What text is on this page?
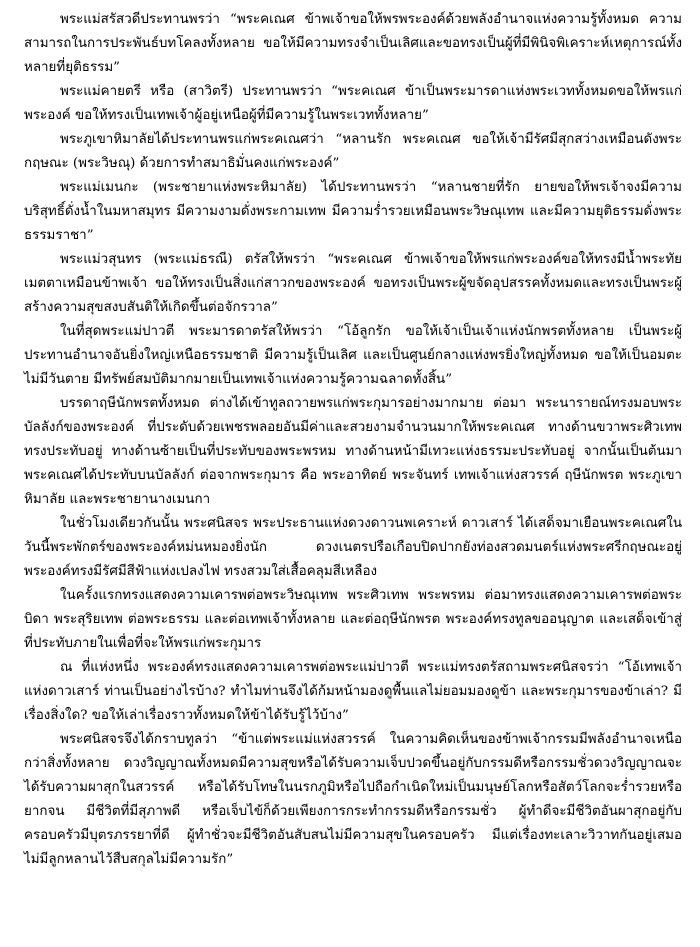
พระแม่สรัสวดีประทานพรว่า “พระคเณศ ข้าพเจ้าขอให้พรพระองค์ด้วยพลังอำนาจแห่งความรู้ทั้งหมด ความสามารถในการประพันธ์บทโคลงทั้งหลาย ขอให้มีความทรงจำเป็นเลิศและขอทรงเป็นผู้ที่มีพินิจพิเคราะห์เหตุการณ์ทั้งหลายที่ยุติธรรม”

พระแม่คายตรี หรือ (สาวิตรี) ประทานพรว่า “พระคเณศ ข้าเป็นพระมารดาแห่งพระเวททั้งหมดขอให้พรแก่พระองค์ ขอให้ทรงเป็นเทพเจ้าผู้อยู่เหนือผู้ที่มีความรู้ในพระเวททั้งหลาย”

พระภูเขาหิมาลัยได้ประทานพรแก่พระคเณศว่า “หลานรัก พระคเณศ ขอให้เจ้ามีรัศมีสุกสว่างเหมือนดังพระกฤษณะ (พระวิษณุ) ด้วยการทำสมาธิมั่นคงแก่พระองค์”

พระแม่เมนกะ (พระชายาแห่งพระหิมาลัย) ได้ประทานพรว่า “หลานชายที่รัก ยายขอให้พรเจ้าจงมีความบริสุทธิ์ดั่งน้ำในมหาสมุทร มีความงามดั่งพระกามเทพ มีความร่ำรวยเหมือนพระวิษณุเทพ และมีความยุติธรรมดั่งพระธรรมราชา”

พระแม่วสุนทร (พระแม่ธรณี) ตรัสให้พรว่า “พระคเณศ ข้าพเจ้าขอให้พรแก่พระองค์ขอให้ทรงมีน้ำพระทัยเมตตาเหมือนข้าพเจ้า ขอให้ทรงเป็นสิ่งแก่สาวกของพระองค์ ขอทรงเป็นพระผู้ขจัดอุปสรรคทั้งหมดและทรงเป็นพระผู้สร้างความสุขสงบสันติให้เกิดขึ้นต่อจักรวาล”

ในที่สุดพระแม่ปาวตี พระมารดาตรัสให้พรว่า “โอ้ลูกรัก ขอให้เจ้าเป็นเจ้าแห่งนักพรตทั้งหลาย เป็นพระผู้ประทานอำนาจอันยิ่งใหญ่เหนือธรรมชาติ มีความรู้เป็นเลิศ และเป็นศูนย์กลางแห่งพรยิ่งใหญ่ทั้งหมด ขอให้เป็นอมตะไม่มีวันตาย มีทรัพย์สมบัติมากมายเป็นเทพเจ้าแห่งความรู้ความฉลาดทั้งสิ้น”

บรรดาฤษีนักพรตทั้งหมด ต่างได้เข้าทูลถวายพรแก่พระกุมารอย่างมากมาย ต่อมา พระนารายณ์ทรงมอบพระบัลลังก์ของพระองค์ ที่ประดับด้วยเพชรพลอยอันมีค่าและสวยงามจำนวนมากให้พระคเณศ ทางด้านขวาพระศิวเทพทรงประทับอยู่ ทางด้านซ้ายเป็นที่ประทับของพระพรหม ทางด้านหน้ามีเทวะแห่งธรรมะประทับอยู่ จากนั้นเป็นต้นมาพระคเณศได้ประทับบนบัลลังก์ ต่อจากพระกุมาร คือ พระอาทิตย์ พระจันทร์ เทพเจ้าแห่งสวรรค์ ฤษีนักพรต พระภูเขาหิมาลัย และพระชายานางเมนกา

ในชั่วโมงเดียวกันนั้น พระศนิสจร พระประธานแห่งดวงดาวนพเคราะห์ ดาวเสาร์ ได้เสด็จมาเยือนพระคเณศในวันนี้พระพักตร์ของพระองค์หม่นหมองยิ่งนัก ดวงเนตรปรือเกือบปิดปากยังท่องสวดมนตร์แห่งพระศรีกฤษณะอยู่พระองค์ทรงมีรัศมีสีฟ้าแห่งเปลงไฟ ทรงสวมใส่เสื้อคลุมสีเหลือง

ในครั้งแรกทรงแสดงความเคารพต่อพระวิษณุเทพ พระศิวเทพ พระพรหม ต่อมาทรงแสดงความเคารพต่อพระบิดา พระสุริยเทพ ต่อพระธรรม และต่อเทพเจ้าทั้งหลาย และต่อฤษีนักพรต พระองค์ทรงทูลขออนุญาต และเสด็จเข้าสู่ที่ประทับภายในเพื่อที่จะให้พรแก่พระกุมาร

ณ ที่แห่งหนึ่ง พระองค์ทรงแสดงความเคารพต่อพระแม่ปาวตี พระแม่ทรงตรัสถามพระศนิสจรว่า “โอ้เทพเจ้าแห่งดาวเสาร์ ท่านเป็นอย่างไรบ้าง? ทำไมท่านจึงได้ก้มหน้ามองดูพื้นแลไม่ยอมมองดูข้า และพระกุมารของข้าเล่า? มีเรื่องสิ่งใด? ขอให้เล่าเรื่องราวทั้งหมดให้ข้าได้รับรู้ไว้บ้าง”

พระศนิสจรจึงได้กราบทูลว่า “ข้าแต่พระแม่แห่งสวรรค์ ในความคิดเห็นของข้าพเจ้ากรรมมีพลังอำนาจเหนือกว่าสิ่งทั้งหลาย ดวงวิญญาณทั้งหมดมีความสุขหรือได้รับความเจ็บปวดขึ้นอยู่กับกรรมดีหรือกรรมชั่วดวงวิญญาณจะได้รับความผาสุกในสวรรค์ หรือได้รับโทษในนรกภูมิหรือไปถือกำเนิดใหม่เป็นมนุษย์โลกหรือสัตว์โลกจะร่ำรวยหรือยากจน มีชีวิตที่มีสุภาพดี หรือเจ็บไข้ก็ด้วยเพียงการกระทำกรรมดีหรือกรรมชั่ว ผู้ทำดีจะมีชีวิตอันผาสุกอยู่กับครอบครัวมีบุตรภรรยาที่ดี ผู้ทำชั่วจะมีชีวิตอันสับสนไม่มีความสุขในครอบครัว มีแต่เรื่องทะเลาะวิวาทกันอยู่เสมอ ไม่มีลูกหลานไว้สืบสกุลไม่มีความรัก”
